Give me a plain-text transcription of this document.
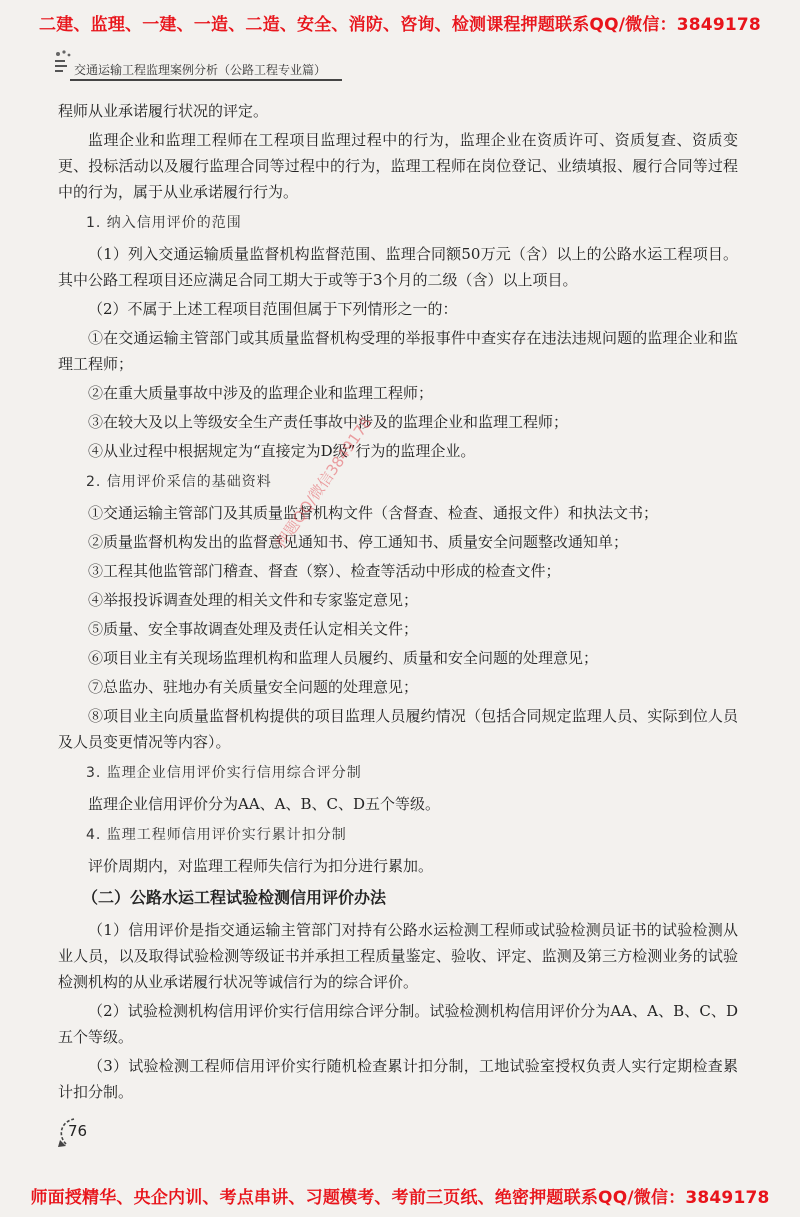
二建、监理、一建、一造、二造、安全、消防、咨询、检测课程押题联系QQ/微信：3849178
交通运输工程监理案例分析（公路工程专业篇）

程师从业承诺履行状况的评定。

监理企业和监理工程师在工程项目监理过程中的行为，监理企业在资质许可、资质复查、资质变更、投标活动以及履行监理合同等过程中的行为，监理工程师在岗位登记、业绩填报、履行合同等过程中的行为，属于从业承诺履行行为。

1. 纳入信用评价的范围

（1）列入交通运输质量监督机构监督范围、监理合同额50万元（含）以上的公路水运工程项目。其中公路工程项目还应满足合同工期大于或等于3个月的二级（含）以上项目。

（2）不属于上述工程项目范围但属于下列情形之一的：

①在交通运输主管部门或其质量监督机构受理的举报事件中查实存在违法违规问题的监理企业和监理工程师；
②在重大质量事故中涉及的监理企业和监理工程师；
③在较大及以上等级安全生产责任事故中涉及的监理企业和监理工程师；
④从业过程中根据规定为“直接定为D级”行为的监理企业。
2. 信用评价采信的基础资料
①交通运输主管部门及其质量监督机构文件（含督查、检查、通报文件）和执法文书；
②质量监督机构发出的监督意见通知书、停工通知书、质量安全问题整改通知单；
③工程其他监管部门稽查、督查（察）、检查等活动中形成的检查文件；
④举报投诉调查处理的相关文件和专家鉴定意见；
⑤质量、安全事故调查处理及责任认定相关文件；
⑥项目业主有关现场监理机构和监理人员履约、质量和安全问题的处理意见；
⑦总监办、驻地办有关质量安全问题的处理意见；
⑧项目业主向质量监督机构提供的项目监理人员履约情况（包括合同规定监理人员、实际到位人员及人员变更情况等内容）。
3. 监理企业信用评价实行信用综合评分制

监理企业信用评价分为AA、A、B、C、D五个等级。

4. 监理工程师信用评价实行累计扣分制

评价周期内，对监理工程师失信行为扣分进行累加。

（二）公路水运工程试验检测信用评价办法

（1）信用评价是指交通运输主管部门对持有公路水运检测工程师或试验检测员证书的试验检测从业人员，以及取得试验检测等级证书并承担工程质量鉴定、验收、评定、监测及第三方检测业务的试验检测机构的从业承诺履行状况等诚信行为的综合评价。

（2）试验检测机构信用评价实行信用综合评分制。试验检测机构信用评价分为AA、A、B、C、D五个等级。

（3）试验检测工程师信用评价实行随机检查累计扣分制，工地试验室授权负责人实行定期检查累计扣分制。

押题QQ/微信3849178
76
师面授精华、央企内训、考点串讲、习题模考、考前三页纸、绝密押题联系QQ/微信：3849178
